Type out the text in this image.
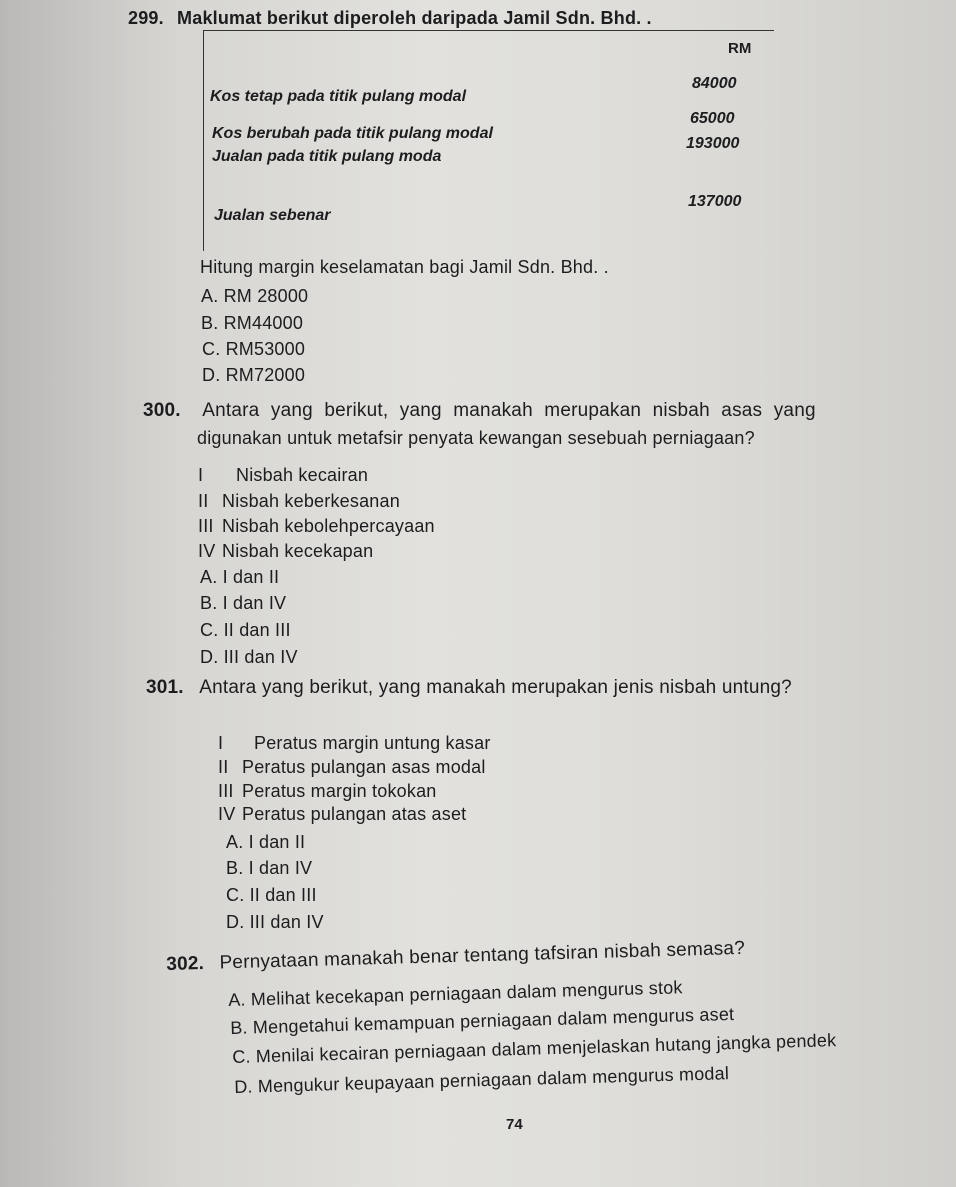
299. Maklumat berikut diperoleh daripada Jamil Sdn. Bhd. .
RM
Kos tetap pada titik pulang modal
84000
Kos berubah pada titik pulang modal
65000
Jualan pada titik pulang moda
193000
Jualan sebenar
137000
Hitung margin keselamatan bagi Jamil Sdn. Bhd. .
A. RM 28000
B. RM44000
C. RM53000
D. RM72000
300. Antara yang berikut, yang manakah merupakan nisbah asas yang
digunakan untuk metafsir penyata kewangan sesebuah perniagaan?
I Nisbah kecairan
II Nisbah keberkesanan
III Nisbah kebolehpercayaan
IV Nisbah kecekapan
A. I dan II
B. I dan IV
C. II dan III
D. III dan IV
301. Antara yang berikut, yang manakah merupakan jenis nisbah untung?
I Peratus margin untung kasar
II Peratus pulangan asas modal
III Peratus margin tokokan
IV Peratus pulangan atas aset
A. I dan II
B. I dan IV
C. II dan III
D. III dan IV
302. Pernyataan manakah benar tentang tafsiran nisbah semasa?
A. Melihat kecekapan perniagaan dalam mengurus stok
B. Mengetahui kemampuan perniagaan dalam mengurus aset
C. Menilai kecairan perniagaan dalam menjelaskan hutang jangka pendek
D. Mengukur keupayaan perniagaan dalam mengurus modal
74
